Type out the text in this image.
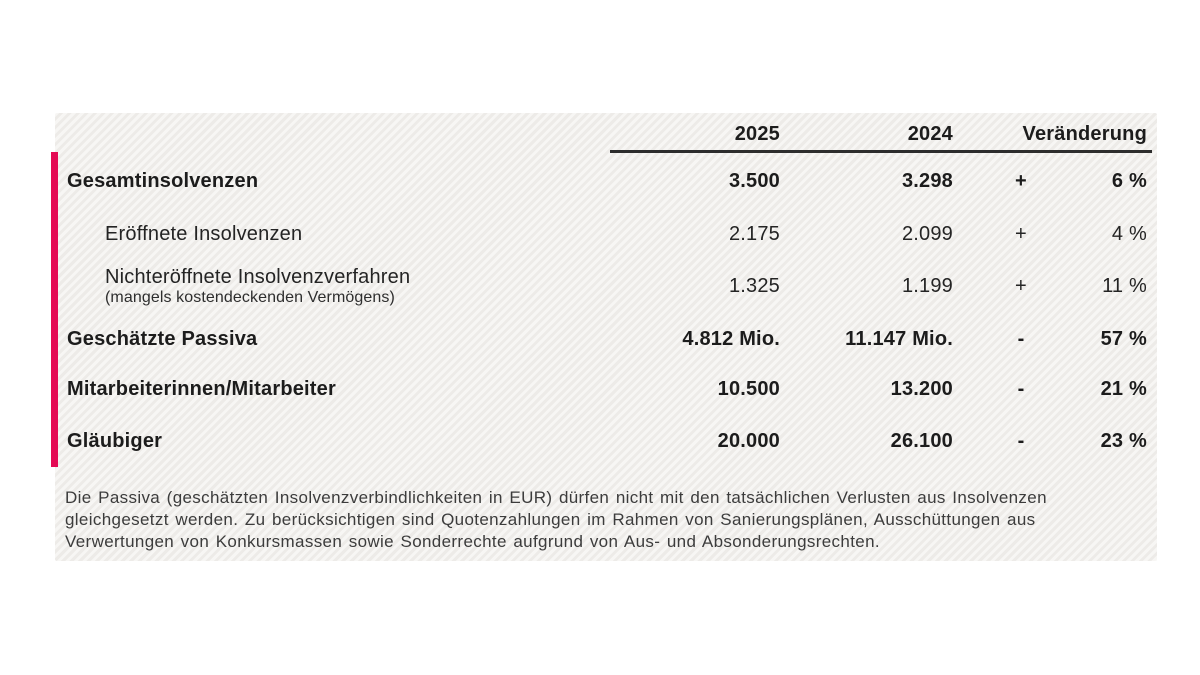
2025	2024	Veränderung
Gesamtinsolvenzen	3.500	3.298	+	6 %
Eröffnete Insolvenzen	2.175	2.099	+	4 %
Nichteröffnete Insolvenzverfahren
(mangels kostendeckenden Vermögens)	1.325	1.199	+	11 %
Geschätzte Passiva	4.812 Mio.	11.147 Mio.	-	57 %
Mitarbeiterinnen/Mitarbeiter	10.500	13.200	-	21 %
Gläubiger	20.000	26.100	-	23 %
Die Passiva (geschätzten Insolvenzverbindlichkeiten in EUR) dürfen nicht mit den tatsächlichen Verlusten aus Insolvenzen
gleichgesetzt werden. Zu berücksichtigen sind Quotenzahlungen im Rahmen von Sanierungsplänen, Ausschüttungen aus
Verwertungen von Konkursmassen sowie Sonderrechte aufgrund von Aus- und Absonderungsrechten.
